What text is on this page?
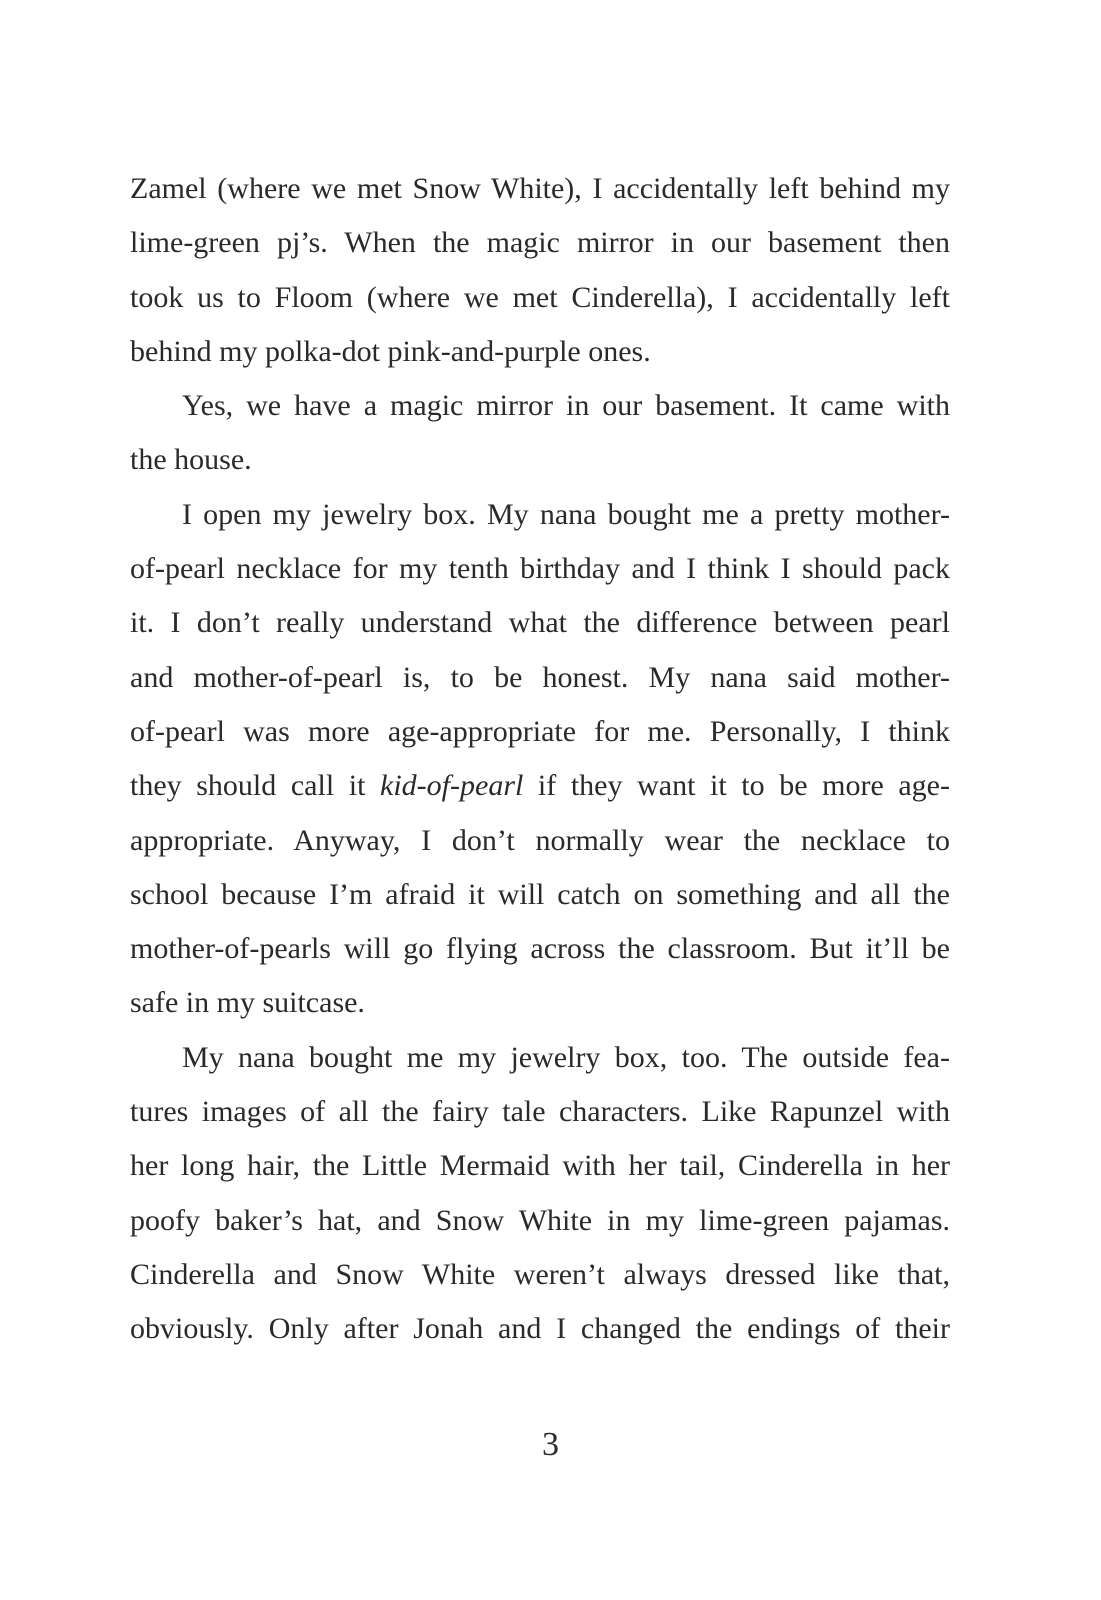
Zamel (where we met Snow White), I accidentally left behind my
lime-green pj’s. When the magic mirror in our basement then
took us to Floom (where we met Cinderella), I accidentally left
behind my polka-dot pink-and-purple ones.
Yes, we have a magic mirror in our basement. It came with
the house.
I open my jewelry box. My nana bought me a pretty mother-
of-pearl necklace for my tenth birthday and I think I should pack
it. I don’t really understand what the difference between pearl
and mother-of-pearl is, to be honest. My nana said mother-
of-pearl was more age-appropriate for me. Personally, I think
they should call it kid-of-pearl if they want it to be more age-
appropriate. Anyway, I don’t normally wear the necklace to
school because I’m afraid it will catch on something and all the
mother-of-pearls will go flying across the classroom. But it’ll be
safe in my suitcase.
My nana bought me my jewelry box, too. The outside fea-
tures images of all the fairy tale characters. Like Rapunzel with
her long hair, the Little Mermaid with her tail, Cinderella in her
poofy baker’s hat, and Snow White in my lime-green pajamas.
Cinderella and Snow White weren’t always dressed like that,
obviously. Only after Jonah and I changed the endings of their
3
